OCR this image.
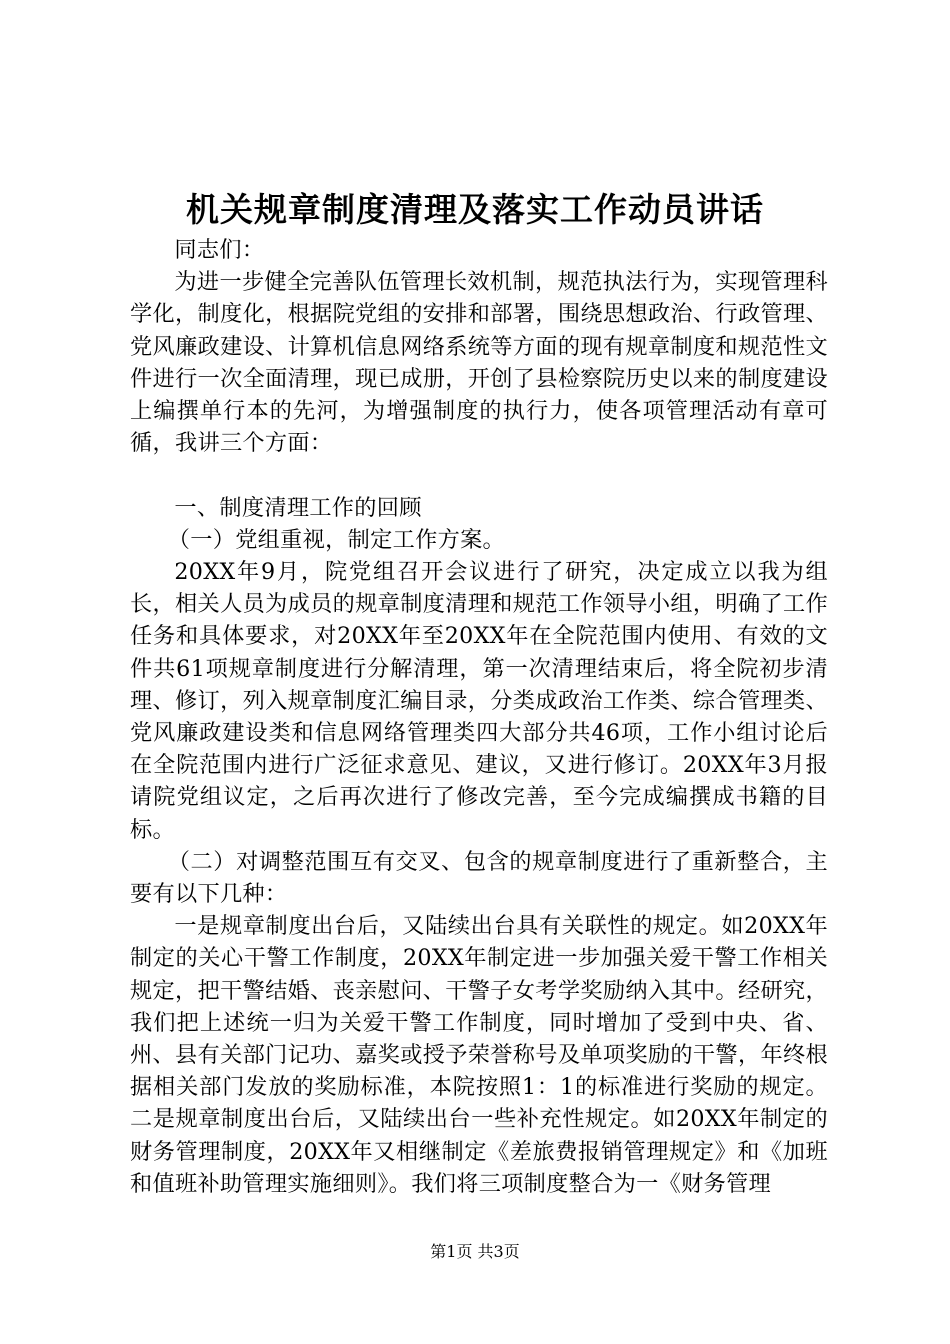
机关规章制度清理及落实工作动员讲话

同志们：

为进一步健全完善队伍管理长效机制，规范执法行为，实现管理科学化，制度化，根据院党组的安排和部署，围绕思想政治、行政管理、党风廉政建设、计算机信息网络系统等方面的现有规章制度和规范性文件进行一次全面清理，现已成册，开创了县检察院历史以来的制度建设上编撰单行本的先河，为增强制度的执行力，使各项管理活动有章可循，我讲三个方面：

一、制度清理工作的回顾

（一）党组重视，制定工作方案。

20XX年9月，院党组召开会议进行了研究，决定成立以我为组长，相关人员为成员的规章制度清理和规范工作领导小组，明确了工作任务和具体要求，对20XX年至20XX年在全院范围内使用、有效的文件共61项规章制度进行分解清理，第一次清理结束后，将全院初步清理、修订，列入规章制度汇编目录，分类成政治工作类、综合管理类、党风廉政建设类和信息网络管理类四大部分共46项，工作小组讨论后在全院范围内进行广泛征求意见、建议，又进行修订。20XX年3月报请院党组议定，之后再次进行了修改完善，至今完成编撰成书籍的目标。

（二）对调整范围互有交叉、包含的规章制度进行了重新整合，主要有以下几种：

一是规章制度出台后，又陆续出台具有关联性的规定。如20XX年制定的关心干警工作制度，20XX年制定进一步加强关爱干警工作相关规定，把干警结婚、丧亲慰问、干警子女考学奖励纳入其中。经研究，我们把上述统一归为关爱干警工作制度，同时增加了受到中央、省、州、县有关部门记功、嘉奖或授予荣誉称号及单项奖励的干警，年终根据相关部门发放的奖励标准，本院按照1：1的标准进行奖励的规定。二是规章制度出台后，又陆续出台一些补充性规定。如20XX年制定的财务管理制度，20XX年又相继制定《差旅费报销管理规定》和《加班和值班补助管理实施细则》。我们将三项制度整合为一《财务管理

第1页 共3页
